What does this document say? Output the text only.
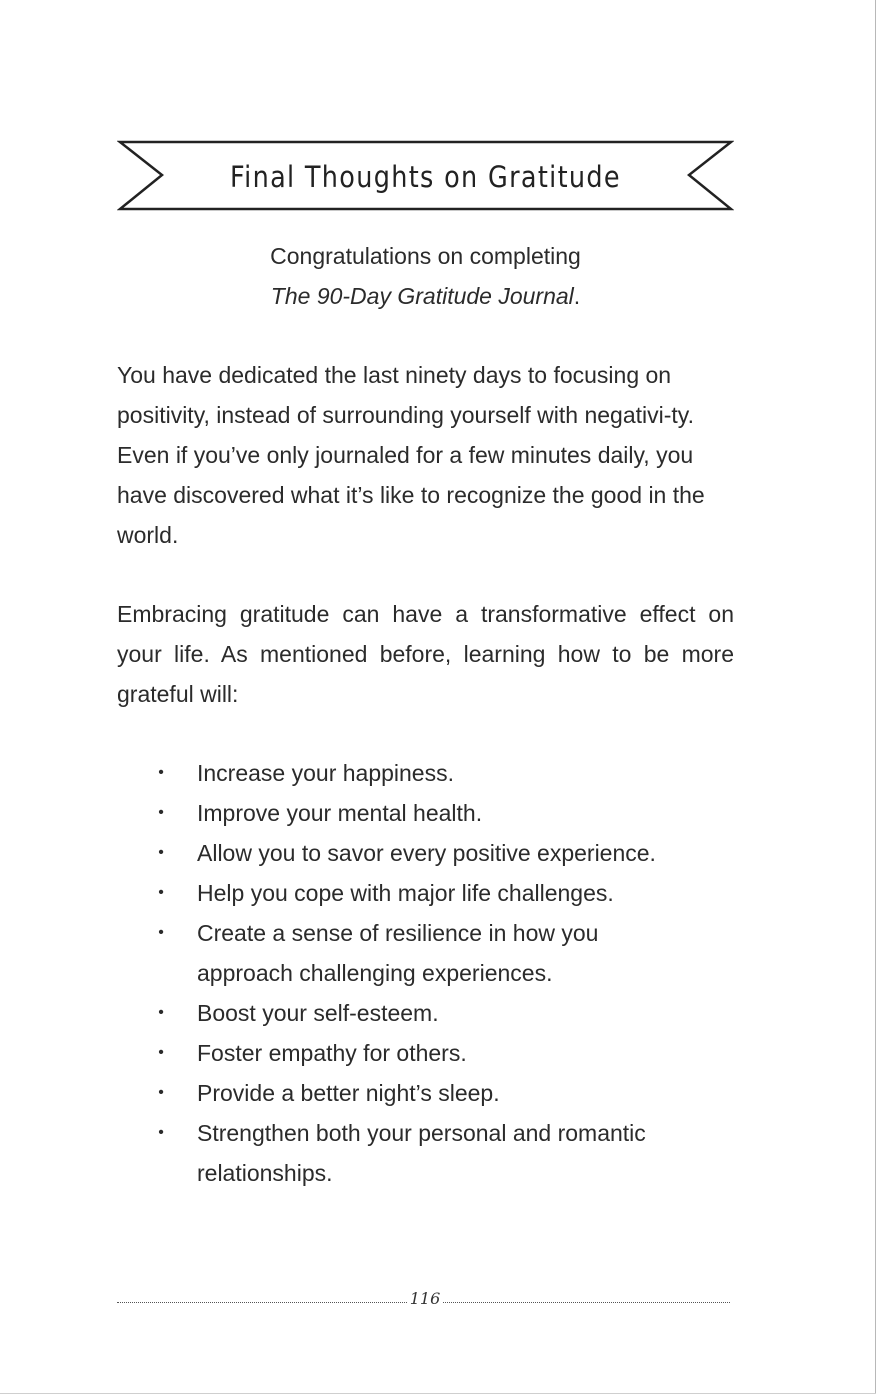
Final Thoughts on Gratitude
Congratulations on completing
The 90-Day Gratitude Journal.
You have dedicated the last ninety days to focusing on positivity, instead of surrounding yourself with negativi-ty. Even if you’ve only journaled for a few minutes daily, you have discovered what it’s like to recognize the good in the world.
Embracing gratitude can have a transformative effect on your life. As mentioned before, learning how to be more grateful will:
• Increase your happiness.
• Improve your mental health.
• Allow you to savor every positive experience.
• Help you cope with major life challenges.
• Create a sense of resilience in how you approach challenging experiences.
• Boost your self-esteem.
• Foster empathy for others.
• Provide a better night’s sleep.
• Strengthen both your personal and romantic relationships.
116
